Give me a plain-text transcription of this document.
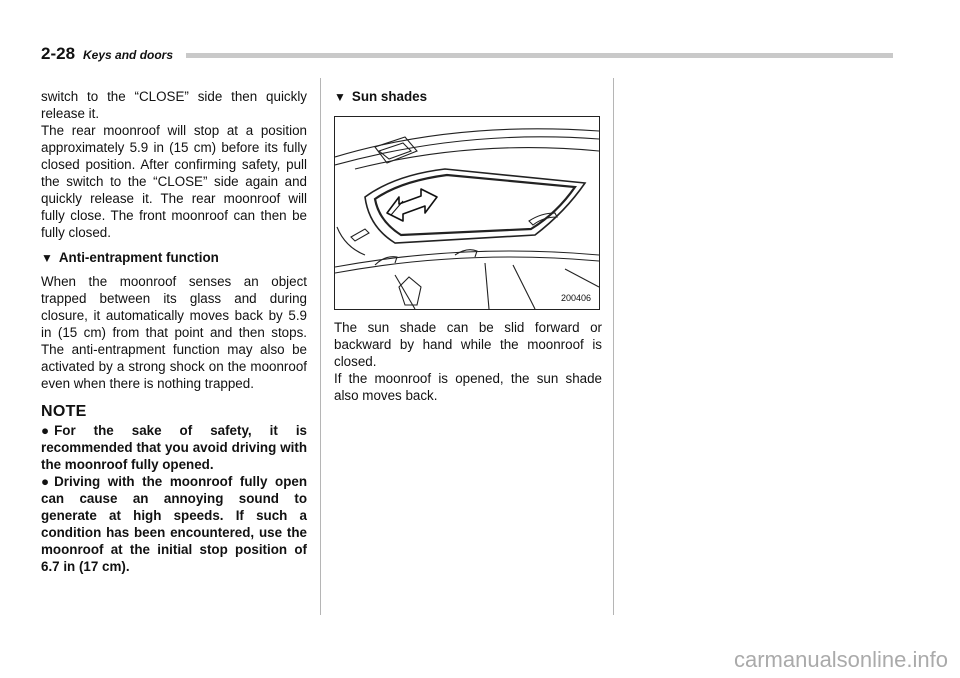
2-28 Keys and doors

switch to the “CLOSE” side then quickly release it.

The rear moonroof will stop at a position approximately 5.9 in (15 cm) before its fully closed position. After confirming safety, pull the switch to the “CLOSE” side again and quickly release it. The rear moonroof will fully close. The front moonroof can then be fully closed.

▼ Anti-entrapment function

When the moonroof senses an object trapped between its glass and during closure, it automatically moves back by 5.9 in (15 cm) from that point and then stops. The anti-entrapment function may also be activated by a strong shock on the moonroof even when there is nothing trapped.

NOTE

● For the sake of safety, it is recommended that you avoid driving with the moonroof fully opened.

● Driving with the moonroof fully open can cause an annoying sound to generate at high speeds. If such a condition has been encountered, use the moonroof at the initial stop position of 6.7 in (17 cm).

▼ Sun shades

200406

The sun shade can be slid forward or backward by hand while the moonroof is closed.

If the moonroof is opened, the sun shade also moves back.

carmanualsonline.info
